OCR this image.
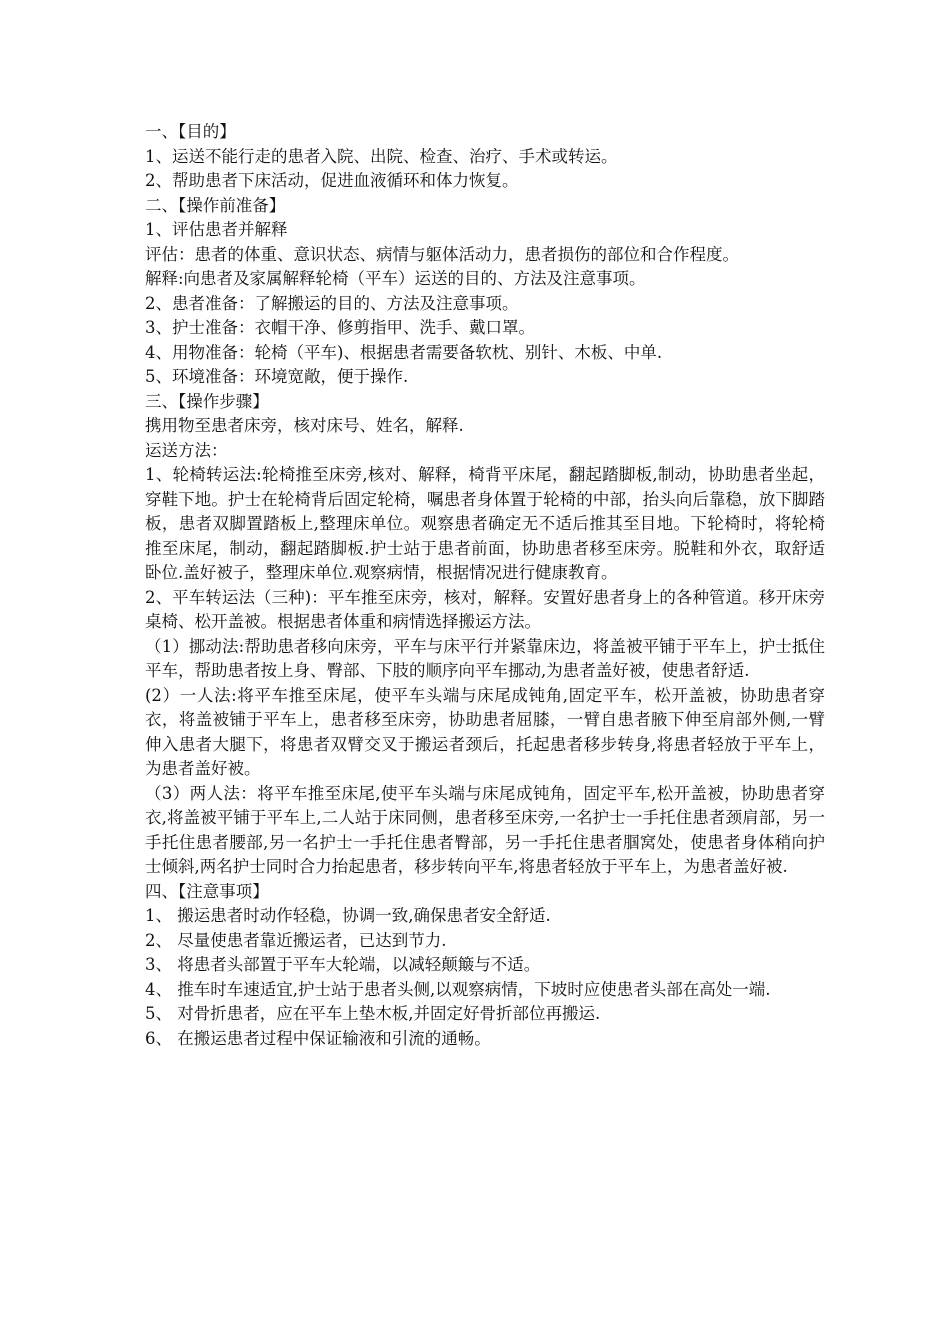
一、【目的】

1、运送不能行走的患者入院、出院、检查、治疗、手术或转运。

2、帮助患者下床活动，促进血液循环和体力恢复。

二、【操作前准备】

1、评估患者并解释

评估：患者的体重、意识状态、病情与躯体活动力，患者损伤的部位和合作程度。

解释:向患者及家属解释轮椅（平车）运送的目的、方法及注意事项。

2、患者准备：了解搬运的目的、方法及注意事项。

3、护士准备：衣帽干净、修剪指甲、洗手、戴口罩。

4、用物准备：轮椅（平车)、根据患者需要备软枕、别针、木板、中单.

5、环境准备：环境宽敞，便于操作.

三、【操作步骤】

携用物至患者床旁，核对床号、姓名，解释.

运送方法：

1、轮椅转运法:轮椅推至床旁,核对、解释，椅背平床尾，翻起踏脚板,制动，协助患者坐起，穿鞋下地。护士在轮椅背后固定轮椅，嘱患者身体置于轮椅的中部，抬头向后靠稳，放下脚踏板，患者双脚置踏板上,整理床单位。观察患者确定无不适后推其至目地。下轮椅时，将轮椅推至床尾，制动，翻起踏脚板.护士站于患者前面，协助患者移至床旁。脱鞋和外衣，取舒适卧位.盖好被子，整理床单位.观察病情，根据情况进行健康教育。

2、平车转运法（三种)：平车推至床旁，核对，解释。安置好患者身上的各种管道。移开床旁桌椅、松开盖被。根据患者体重和病情选择搬运方法。

（1）挪动法:帮助患者移向床旁，平车与床平行并紧靠床边，将盖被平铺于平车上，护士抵住平车，帮助患者按上身、臀部、下肢的顺序向平车挪动,为患者盖好被，使患者舒适.

(2）一人法:将平车推至床尾，使平车头端与床尾成钝角,固定平车，松开盖被，协助患者穿衣，将盖被铺于平车上，患者移至床旁，协助患者屈膝，一臂自患者腋下伸至肩部外侧,一臂伸入患者大腿下，将患者双臂交叉于搬运者颈后，托起患者移步转身,将患者轻放于平车上，为患者盖好被。

（3）两人法：将平车推至床尾,使平车头端与床尾成钝角，固定平车,松开盖被，协助患者穿衣,将盖被平铺于平车上,二人站于床同侧，患者移至床旁,一名护士一手托住患者颈肩部，另一手托住患者腰部,另一名护士一手托住患者臀部，另一手托住患者腘窝处，使患者身体稍向护士倾斜,两名护士同时合力抬起患者，移步转向平车,将患者轻放于平车上，为患者盖好被.

四、【注意事项】

1、 搬运患者时动作轻稳，协调一致,确保患者安全舒适.

2、 尽量使患者靠近搬运者，已达到节力.

3、 将患者头部置于平车大轮端，以减轻颠簸与不适。

4、 推车时车速适宜,护士站于患者头侧,以观察病情，下坡时应使患者头部在高处一端.

5、 对骨折患者，应在平车上垫木板,并固定好骨折部位再搬运.

6、 在搬运患者过程中保证输液和引流的通畅。
